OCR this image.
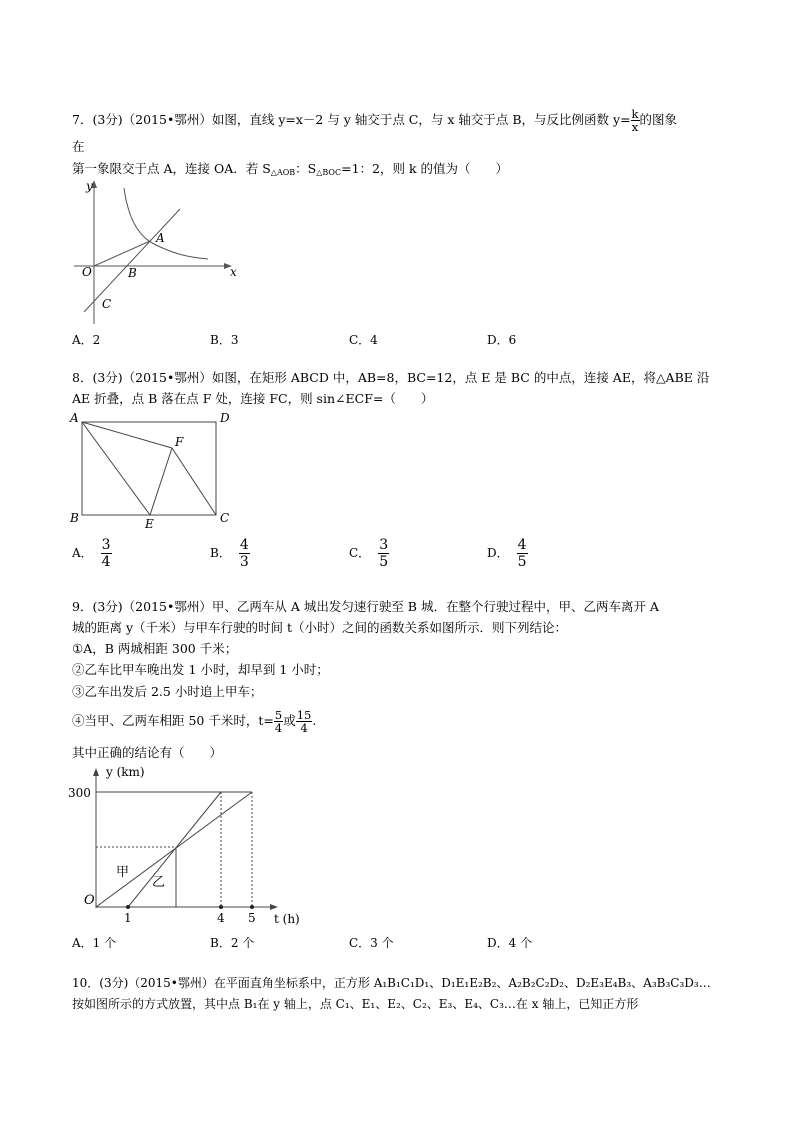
7．(3分)（2015•鄂州）如图，直线 y=x－2 与 y 轴交于点 C，与 x 轴交于点 B，与反比例函数 $y= \frac{k}{x}$ 的图象
在
第一象限交于点 A，连接 OA．若 $S_{\triangle AOB}$：$S_{\triangle BOC}=1$：2，则 k 的值为（　　）
y
x
O
A
B
C
A．2	B．3	C．4	D．6
8．(3分)（2015•鄂州）如图，在矩形 ABCD 中，AB=8，BC=12，点 E 是 BC 的中点，连接 AE，将△ABE 沿
AE 折叠，点 B 落在点 F 处，连接 FC，则 sin∠ECF=（　　）
A	D
B	C
E
F
A． $\frac{3}{4}$	B． $\frac{4}{3}$	C． $\frac{3}{5}$	D． $\frac{4}{5}$
9．(3分)（2015•鄂州）甲、乙两车从 A 城出发匀速行驶至 B 城．在整个行驶过程中，甲、乙两车离开 A
城的距离 y（千米）与甲车行驶的时间 t（小时）之间的函数关系如图所示．则下列结论：
①A，B 两城相距 300 千米；
②乙车比甲车晚出发 1 小时，却早到 1 小时；
③乙车出发后 2.5 小时追上甲车；
④当甲、乙两车相距 50 千米时，$t= \frac{5}{4}$ 或 $\frac{15}{4}$ .
其中正确的结论有（　　）
y (km)
300
O
1	4 5 t (h)
甲
乙
A．1 个	B．2 个	C．3 个	D．4 个
10．(3分)（2015•鄂州）在平面直角坐标系中，正方形 A₁B₁C₁D₁、D₁E₁E₂B₂、A₂B₂C₂D₂、D₂E₃E₄B₃、A₃B₃C₃D₃…
按如图所示的方式放置，其中点 B₁在 y 轴上，点 C₁、E₁、E₂、C₂、E₃、E₄、C₃…在 x 轴上，已知正方形
